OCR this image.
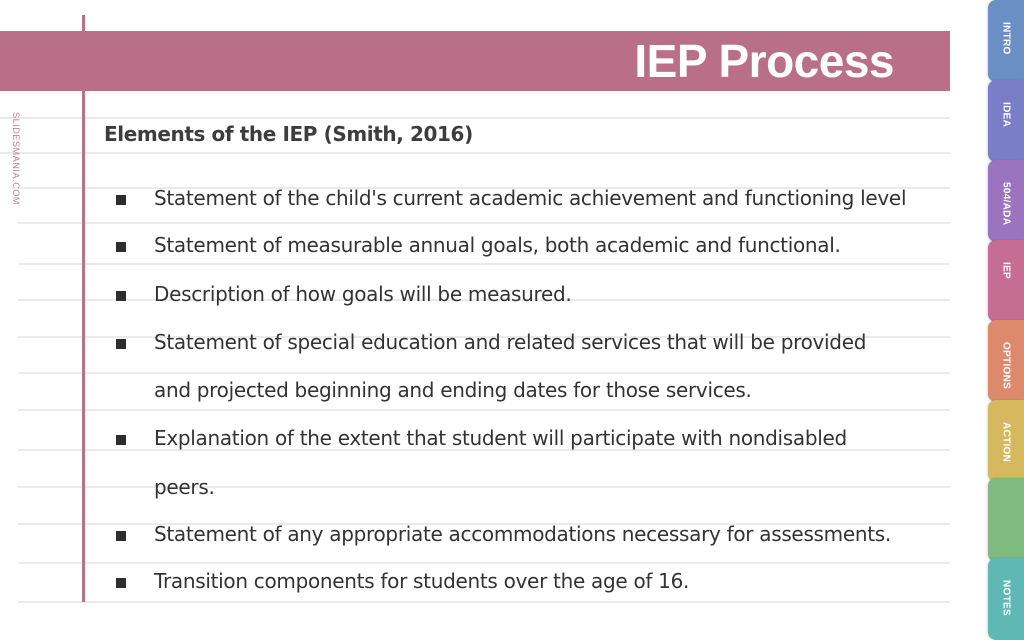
IEP Process
SLIDESMANIA.COM	Elements of the IEP (Smith, 2016)
Statement of the child's current academic achievement and functioning level
Statement of measurable annual goals, both academic and functional.
Description of how goals will be measured.
Statement of special education and related services that will be provided
and projected beginning and ending dates for those services.
Explanation of the extent that student will participate with nondisabled
peers.
Statement of any appropriate accommodations necessary for assessments.
Transition components for students over the age of 16.
INTRO
IDEA
504/ADA
IEP
OPTIONS
ACTION
NOTES
